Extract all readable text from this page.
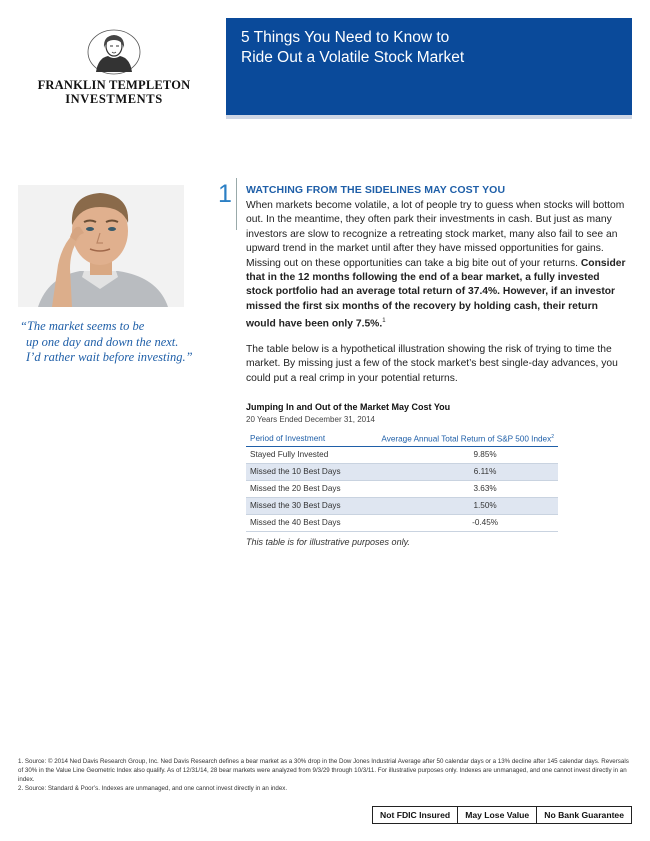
FRANKLIN TEMPLETON
INVESTMENTS
5 Things You Need to Know to
Ride Out a Volatile Stock Market
“The market seems to be
up one day and down the next.
I’d rather wait before investing.”
1 WATCHING FROM THE SIDELINES MAY COST YOU
When markets become volatile, a lot of people try to guess when stocks will bottom out. In the meantime, they often park their investments in cash. But just as many investors are slow to recognize a retreating stock market, many also fail to see an upward trend in the market until after they have missed opportunities for gains. Missing out on these opportunities can take a big bite out of your returns. Consider that in the 12 months following the end of a bear market, a fully invested stock portfolio had an average total return of 37.4%. However, if an investor missed the first six months of the recovery by holding cash, their return would have been only 7.5%.$^1$
The table below is a hypothetical illustration showing the risk of trying to time the market. By missing just a few of the stock market’s best single-day advances, you could put a real crimp in your potential returns.
Jumping In and Out of the Market May Cost You
20 Years Ended December 31, 2014
Period of Investment	Average Annual Total Return of S&P 500 Index$^2$
Stayed Fully Invested	9.85%
Missed the 10 Best Days	6.11%
Missed the 20 Best Days	3.63%
Missed the 30 Best Days	1.50%
Missed the 40 Best Days	-0.45%
This table is for illustrative purposes only.

1. Source: © 2014 Ned Davis Research Group, Inc. Ned Davis Research defines a bear market as a 30% drop in the Dow Jones Industrial Average after 50 calendar days or a 13% decline after 145 calendar days. Reversals of 30% in the Value Line Geometric Index also qualify. As of 12/31/14, 28 bear markets were analyzed from 9/3/29 through 10/3/11. For illustrative purposes only. Indexes are unmanaged, and one cannot invest directly in an index.

2. Source: Standard & Poor’s. Indexes are unmanaged, and one cannot invest directly in an index.

Not FDIC Insured	May Lose Value	No Bank Guarantee
